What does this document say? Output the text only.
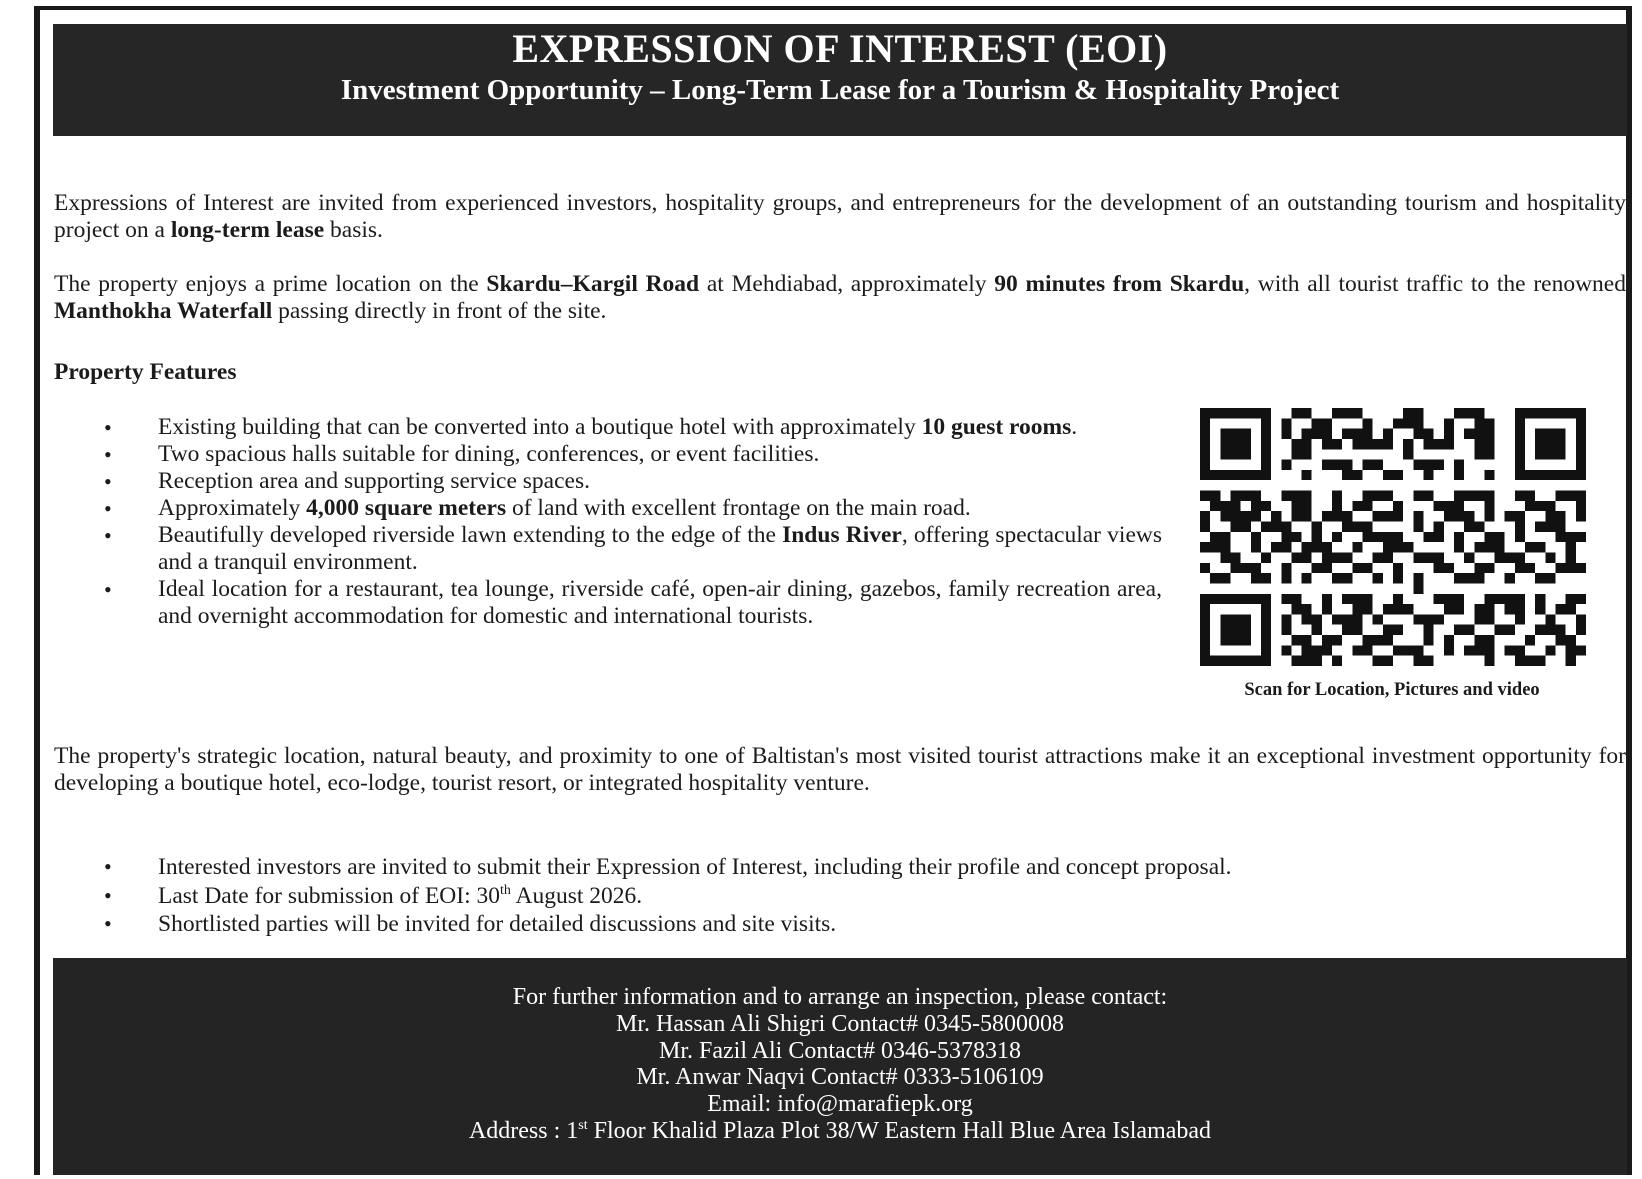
EXPRESSION OF INTEREST (EOI)
Investment Opportunity – Long-Term Lease for a Tourism & Hospitality Project
Expressions of Interest are invited from experienced investors, hospitality groups, and entrepreneurs for the development of an outstanding tourism and hospitality project on a long-term lease basis.
The property enjoys a prime location on the Skardu–Kargil Road at Mehdiabad, approximately 90 minutes from Skardu, with all tourist traffic to the renowned Manthokha Waterfall passing directly in front of the site.
Property Features
• Existing building that can be converted into a boutique hotel with approximately 10 guest rooms.
• Two spacious halls suitable for dining, conferences, or event facilities.
• Reception area and supporting service spaces.
• Approximately 4,000 square meters of land with excellent frontage on the main road.
• Beautifully developed riverside lawn extending to the edge of the Indus River, offering spectacular views and a tranquil environment.
• Ideal location for a restaurant, tea lounge, riverside café, open-air dining, gazebos, family recreation area, and overnight accommodation for domestic and international tourists.
Scan for Location, Pictures and video
The property's strategic location, natural beauty, and proximity to one of Baltistan's most visited tourist attractions make it an exceptional investment opportunity for developing a boutique hotel, eco-lodge, tourist resort, or integrated hospitality venture.
• Interested investors are invited to submit their Expression of Interest, including their profile and concept proposal.
• Last Date for submission of EOI: 30th August 2026.
• Shortlisted parties will be invited for detailed discussions and site visits.
For further information and to arrange an inspection, please contact:
Mr. Hassan Ali Shigri Contact# 0345-5800008
Mr. Fazil Ali Contact# 0346-5378318
Mr. Anwar Naqvi Contact# 0333-5106109
Email: info@marafiepk.org
Address : 1st Floor Khalid Plaza Plot 38/W Eastern Hall Blue Area Islamabad
